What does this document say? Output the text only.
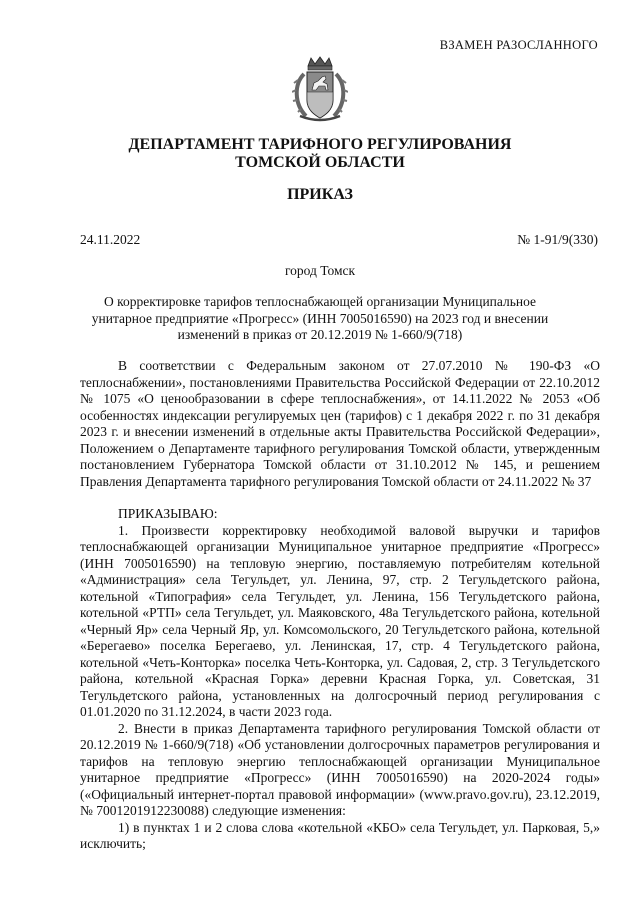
ВЗАМЕН РАЗОСЛАННОГО
ДЕПАРТАМЕНТ ТАРИФНОГО РЕГУЛИРОВАНИЯ
ТОМСКОЙ ОБЛАСТИ
ПРИКАЗ
24.11.2022	№ 1-91/9(330)
город Томск
О корректировке тарифов теплоснабжающей организации Муниципальное унитарное предприятие «Прогресс» (ИНН 7005016590) на 2023 год и внесении изменений в приказ от 20.12.2019 № 1-660/9(718)

В соответствии с Федеральным законом от 27.07.2010 № 190-ФЗ «О теплоснабжении», постановлениями Правительства Российской Федерации от 22.10.2012 № 1075 «О ценообразовании в сфере теплоснабжения», от 14.11.2022 № 2053 «Об особенностях индексации регулируемых цен (тарифов) с 1 декабря 2022 г. по 31 декабря 2023 г. и внесении изменений в отдельные акты Правительства Российской Федерации», Положением о Департаменте тарифного регулирования Томской области, утвержденным постановлением Губернатора Томской области от 31.10.2012 № 145, и решением Правления Департамента тарифного регулирования Томской области от 24.11.2022 № 37

ПРИКАЗЫВАЮ:

1. Произвести корректировку необходимой валовой выручки и тарифов теплоснабжающей организации Муниципальное унитарное предприятие «Прогресс» (ИНН 7005016590) на тепловую энергию, поставляемую потребителям котельной «Администрация» села Тегульдет, ул. Ленина, 97, стр. 2 Тегульдетского района, котельной «Типография» села Тегульдет, ул. Ленина, 156 Тегульдетского района, котельной «РТП» села Тегульдет, ул. Маяковского, 48а Тегульдетского района, котельной «Черный Яр» села Черный Яр, ул. Комсомольского, 20 Тегульдетского района, котельной «Берегаево» поселка Берегаево, ул. Ленинская, 17, стр. 4 Тегульдетского района, котельной «Четь-Конторка» поселка Четь-Конторка, ул. Садовая, 2, стр. 3 Тегульдетского района, котельной «Красная Горка» деревни Красная Горка, ул. Советская, 31 Тегульдетского района, установленных на долгосрочный период регулирования с 01.01.2020 по 31.12.2024, в части 2023 года.

2. Внести в приказ Департамента тарифного регулирования Томской области от 20.12.2019 № 1-660/9(718) «Об установлении долгосрочных параметров регулирования и тарифов на тепловую энергию теплоснабжающей организации Муниципальное унитарное предприятие «Прогресс» (ИНН 7005016590) на 2020-2024 годы» («Официальный интернет-портал правовой информации» (www.pravo.gov.ru), 23.12.2019, № 7001201912230088) следующие изменения:

1) в пунктах 1 и 2 слова слова «котельной «КБО» села Тегульдет, ул. Парковая, 5,» исключить;
